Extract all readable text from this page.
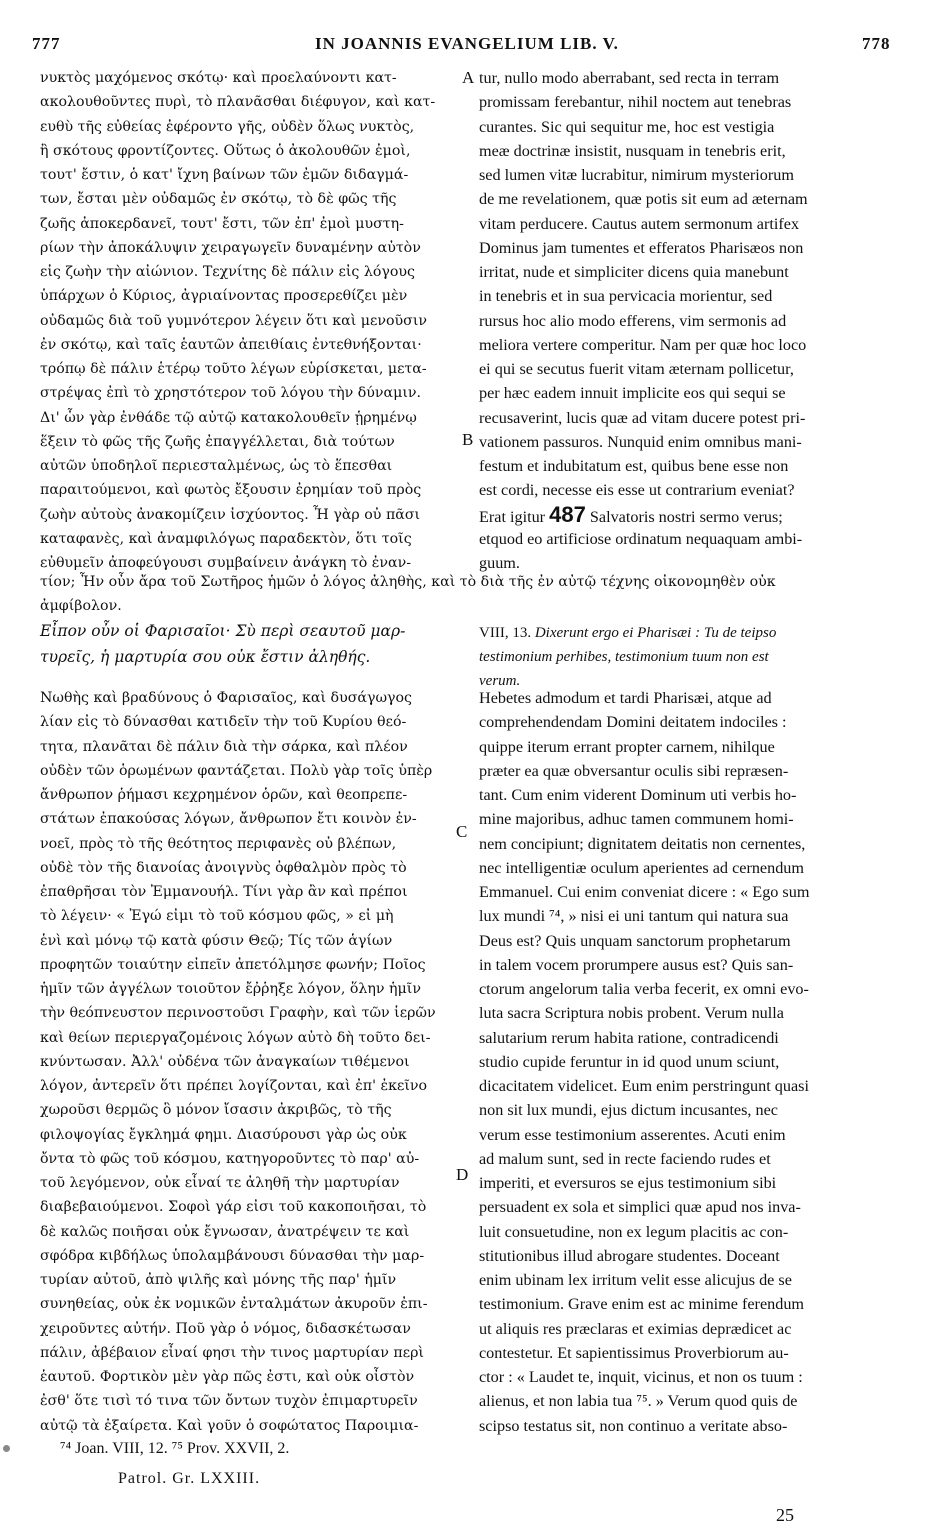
777	IN JOANNIS EVANGELIUM LIB. V.	778
νυκτὸς μαχόμενος σκότῳ· καὶ προελαύνοντι κατ-
ακολουθοῦντες πυρὶ, τὸ πλανᾶσθαι διέφυγον, καὶ κατ-
ευθὺ τῆς εὐθείας ἐφέροντο γῆς, οὐδὲν ὅλως νυκτὸς,
ἢ σκότους φροντίζοντες. Οὕτως ὁ ἀκολουθῶν ἐμοὶ,
τουτ' ἔστιν, ὁ κατ' ἴχνη βαίνων τῶν ἐμῶν διδαγμά-
των, ἔσται μὲν οὐδαμῶς ἐν σκότῳ, τὸ δὲ φῶς τῆς
ζωῆς ἀποκερδανεῖ, τουτ' ἔστι, τῶν ἐπ' ἐμοὶ μυστη-
ρίων τὴν ἀποκάλυψιν χειραγωγεῖν δυναμένην αὐτὸν
εἰς ζωὴν τὴν αἰώνιον. Τεχνίτης δὲ πάλιν εἰς λόγους
ὑπάρχων ὁ Κύριος, ἀγριαίνοντας προσερεθίζει μὲν
οὐδαμῶς διὰ τοῦ γυμνότερον λέγειν ὅτι καὶ μενοῦσιν
ἐν σκότῳ, καὶ ταῖς ἑαυτῶν ἀπειθίαις ἐντεθνήξονται·
τρόπῳ δὲ πάλιν ἑτέρῳ τοῦτο λέγων εὑρίσκεται, μετα-
στρέψας ἐπὶ τὸ χρηστότερον τοῦ λόγου τὴν δύναμιν.
Δι' ὧν γὰρ ἐνθάδε τῷ αὐτῷ κατακολουθεῖν ᾑρημένῳ
ἕξειν τὸ φῶς τῆς ζωῆς ἐπαγγέλλεται, διὰ τούτων
αὐτῶν ὑποδηλοῖ περιεσταλμένως, ὡς τὸ ἕπεσθαι
παραιτούμενοι, καὶ φωτὸς ἔξουσιν ἐρημίαν τοῦ πρὸς
ζωὴν αὐτοὺς ἀνακομίζειν ἰσχύοντος. Ἦ γὰρ οὐ πᾶσι
καταφανὲς, καὶ ἀναμφιλόγως παραδεκτὸν, ὅτι τοῖς
εὐθυμεῖν ἀποφεύγουσι συμβαίνειν ἀνάγκη τὸ ἐναν-
tur, nullo modo aberrabant, sed recta in terram
promissam ferebantur, nihil noctem aut tenebras
curantes. Sic qui sequitur me, hoc est vestigia
meæ doctrinæ insistit, nusquam in tenebris erit,
sed lumen vitæ lucrabitur, nimirum mysteriorum
de me revelationem, quæ potis sit eum ad æternam
vitam perducere. Cautus autem sermonum artifex
Dominus jam tumentes et efferatos Pharisæos non
irritat, nude et simpliciter dicens quia manebunt
in tenebris et in sua pervicacia morientur, sed
rursus hoc alio modo efferens, vim sermonis ad
meliora vertere comperitur. Nam per quæ hoc loco
ei qui se secutus fuerit vitam æternam pollicetur,
per hæc eadem innuit implicite eos qui sequi se
recusaverint, lucis quæ ad vitam ducere potest pri-
vationem passuros. Nunquid enim omnibus mani-
festum et indubitatum est, quibus bene esse non
est cordi, necesse eis esse ut contrarium eveniat?
Erat igitur 487 Salvatoris nostri sermo verus;
etquod eo artificiose ordinatum nequaquam ambi-
guum.
A
B
C
D
τίον; Ἦν οὖν ἄρα τοῦ Σωτῆρος ἡμῶν ὁ λόγος ἀληθὴς, καὶ τὸ διὰ τῆς ἐν αὐτῷ τέχνης οἰκονομηθὲν οὐκ
ἀμφίβολον.
Εἶπον οὖν οἱ Φαρισαῖοι· Σὺ περὶ σεαυτοῦ μαρ-
τυρεῖς, ἡ μαρτυρία σου οὐκ ἔστιν ἀληθής.
VIII, 13. Dixerunt ergo ei Pharisæi : Tu de teipso
testimonium perhibes, testimonium tuum non est
verum.
Νωθὴς καὶ βραδύνους ὁ Φαρισαῖος, καὶ δυσάγωγος
λίαν εἰς τὸ δύνασθαι κατιδεῖν τὴν τοῦ Κυρίου θεό-
τητα, πλανᾶται δὲ πάλιν διὰ τὴν σάρκα, καὶ πλέον
οὐδὲν τῶν ὁρωμένων φαντάζεται. Πολὺ γὰρ τοῖς ὑπὲρ
ἄνθρωπον ῥήμασι κεχρημένον ὁρῶν, καὶ θεοπρεπε-
στάτων ἐπακούσας λόγων, ἄνθρωπον ἔτι κοινὸν ἐν-
νοεῖ, πρὸς τὸ τῆς θεότητος περιφανὲς οὐ βλέπων,
οὐδὲ τὸν τῆς διανοίας ἀνοιγνὺς ὀφθαλμὸν πρὸς τὸ
ἐπαθρῆσαι τὸν Ἐμμανουήλ. Τίνι γὰρ ἂν καὶ πρέποι
τὸ λέγειν· « Ἐγώ εἰμι τὸ τοῦ κόσμου φῶς, » εἰ μὴ
ἑνὶ καὶ μόνῳ τῷ κατὰ φύσιν Θεῷ; Τίς τῶν ἁγίων
προφητῶν τοιαύτην εἰπεῖν ἀπετόλμησε φωνήν; Ποῖος
ἡμῖν τῶν ἀγγέλων τοιοῦτον ἔῤῥηξε λόγον, ὅλην ἡμῖν
τὴν θεόπνευστον περινοστοῦσι Γραφὴν, καὶ τῶν ἱερῶν
καὶ θείων περιεργαζομένοις λόγων αὐτὸ δὴ τοῦτο δει-
κνύντωσαν. Ἀλλ' οὐδένα τῶν ἀναγκαίων τιθέμενοι
λόγον, ἀντερεῖν ὅτι πρέπει λογίζονται, καὶ ἐπ' ἐκεῖνο
χωροῦσι θερμῶς ὃ μόνον ἴσασιν ἀκριβῶς, τὸ τῆς
φιλοψογίας ἔγκλημά φημι. Διασύρουσι γὰρ ὡς οὐκ
ὄντα τὸ φῶς τοῦ κόσμου, κατηγοροῦντες τὸ παρ' αὐ-
τοῦ λεγόμενον, οὐκ εἶναί τε ἀληθῆ τὴν μαρτυρίαν
διαβεβαιούμενοι. Σοφοὶ γάρ εἰσι τοῦ κακοποιῆσαι, τὸ
δὲ καλῶς ποιῆσαι οὐκ ἔγνωσαν, ἀνατρέψειν τε καὶ
σφόδρα κιβδήλως ὑπολαμβάνουσι δύνασθαι τὴν μαρ-
τυρίαν αὐτοῦ, ἀπὸ ψιλῆς καὶ μόνης τῆς παρ' ἡμῖν
συνηθείας, οὐκ ἐκ νομικῶν ἐνταλμάτων ἀκυροῦν ἐπι-
χειροῦντες αὐτήν. Ποῦ γὰρ ὁ νόμος, διδασκέτωσαν
πάλιν, ἀβέβαιον εἶναί φησι τὴν τινος μαρτυρίαν περὶ
ἑαυτοῦ. Φορτικὸν μὲν γὰρ πῶς ἐστι, καὶ οὐκ οἶστὸν
ἐσθ' ὅτε τισὶ τό τινα τῶν ὄντων τυχὸν ἐπιμαρτυρεῖν
αὐτῷ τὰ ἐξαίρετα. Καὶ γοῦν ὁ σοφώτατος Παροιμια-
Hebetes admodum et tardi Pharisæi, atque ad
comprehendendam Domini deitatem indociles :
quippe iterum errant propter carnem, nihilque
præter ea quæ obversantur oculis sibi repræsen-
tant. Cum enim viderent Dominum uti verbis ho-
mine majoribus, adhuc tamen communem homi-
nem concipiunt; dignitatem deitatis non cernentes,
nec intelligentiæ oculum aperientes ad cernendum
Emmanuel. Cui enim conveniat dicere : « Ego sum
lux mundi ⁷⁴, » nisi ei uni tantum qui natura sua
Deus est? Quis unquam sanctorum prophetarum
in talem vocem prorumpere ausus est? Quis san-
ctorum angelorum talia verba fecerit, ex omni evo-
luta sacra Scriptura nobis probent. Verum nulla
salutarium rerum habita ratione, contradicendi
studio cupide feruntur in id quod unum sciunt,
dicacitatem videlicet. Eum enim perstringunt quasi
non sit lux mundi, ejus dictum incusantes, nec
verum esse testimonium asserentes. Acuti enim
ad malum sunt, sed in recte faciendo rudes et
imperiti, et eversuros se ejus testimonium sibi
persuadent ex sola et simplici quæ apud nos inva-
luit consuetudine, non ex legum placitis ac con-
stitutionibus illud abrogare studentes. Doceant
enim ubinam lex irritum velit esse alicujus de se
testimonium. Grave enim est ac minime ferendum
ut aliquis res præclaras et eximias deprædicet ac
contestetur. Et sapientissimus Proverbiorum au-
ctor : « Laudet te, inquit, vicinus, et non os tuum :
alienus, et non labia tua ⁷⁵. » Verum quod quis de
scipso testatus sit, non continuo a veritate abso-
⁷⁴ Joan. VIII, 12. ⁷⁵ Prov. XXVII, 2.
Patrol. Gr. LXXIII.
25
